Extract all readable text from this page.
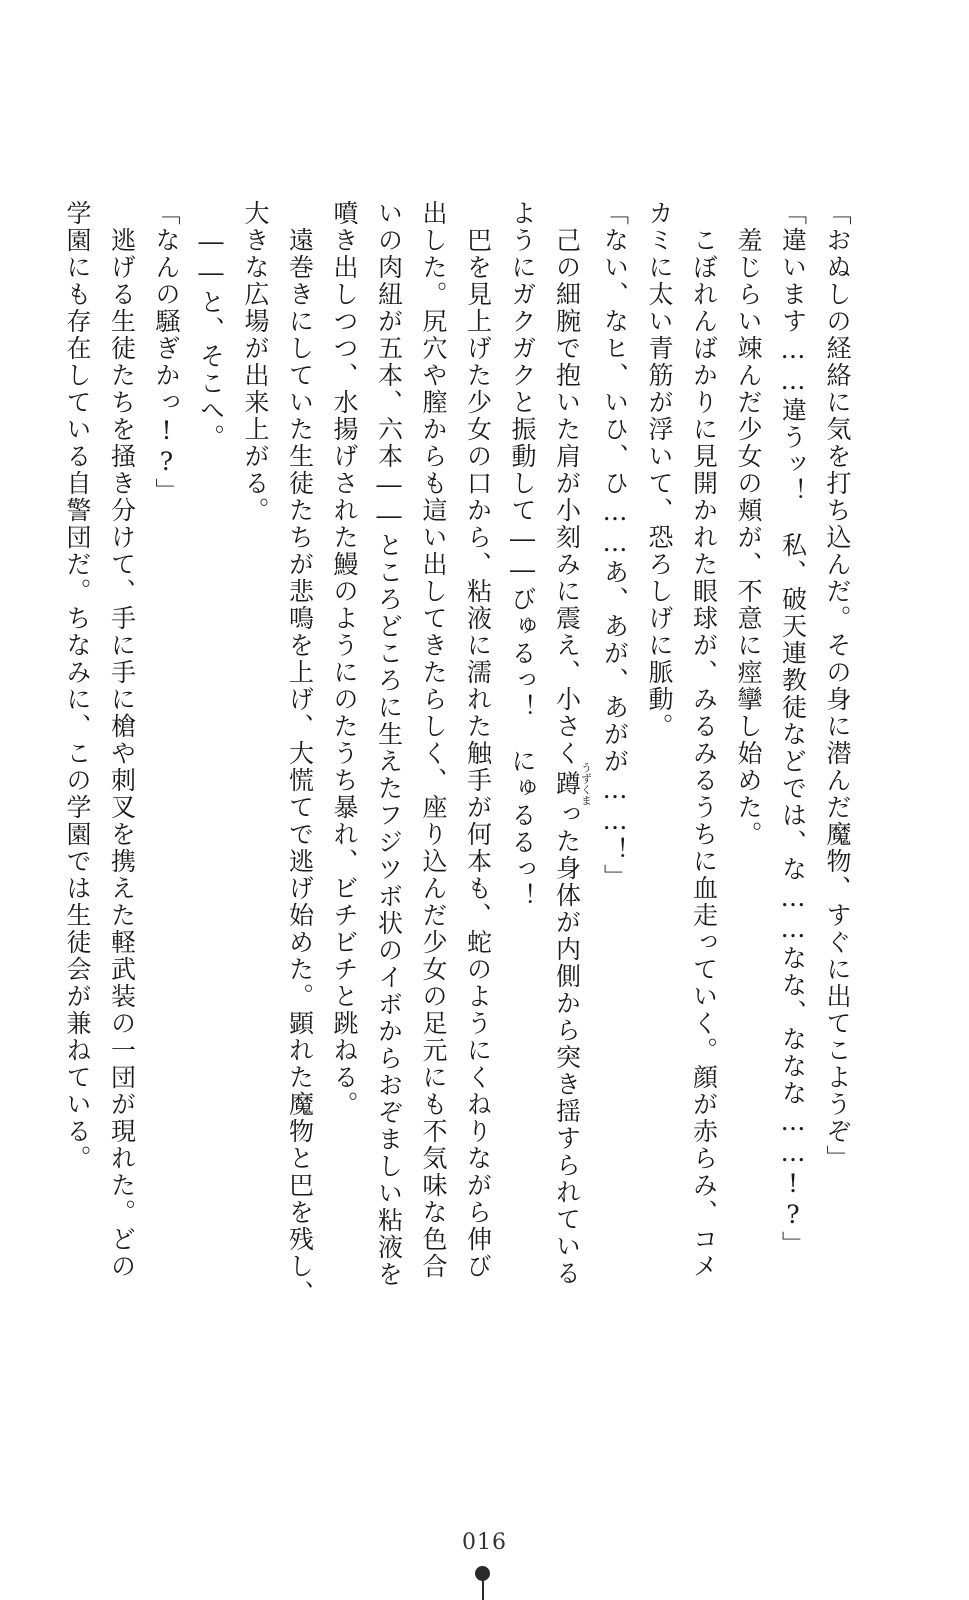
「おぬしの経絡に気を打ち込んだ。その身に潜んだ魔物、すぐに出てこようぞ」
「違います……違うッ！　私、破天連教徒などでは、な……なな、ななな……!?」
　羞じらい竦んだ少女の頬が、不意に痙攣し始めた。
　こぼれんばかりに見開かれた眼球が、みるみるうちに血走っていく。顔が赤らみ、コメ
カミに太い青筋が浮いて、恐ろしげに脈動。
「ない、なヒ、いひ、ひ……あ、あが、あがが……！」
　己の細腕で抱いた肩が小刻みに震え、小さく蹲うずくまった身体が内側から突き揺すられている
ようにガクガクと振動して――びゅるっ！　にゅるるっ！
　巴を見上げた少女の口から、粘液に濡れた触手が何本も、蛇のようにくねりながら伸び
出した。尻穴や膣からも這い出してきたらしく、座り込んだ少女の足元にも不気味な色合
いの肉紐が五本、六本――ところどころに生えたフジツボ状のイボからおぞましい粘液を
噴き出しつつ、水揚げされた鰻のようにのたうち暴れ、ビチビチと跳ねる。
　遠巻きにしていた生徒たちが悲鳴を上げ、大慌てで逃げ始めた。顕れた魔物と巴を残し、
大きな広場が出来上がる。
　――と、そこへ。
「なんの騒ぎかっ!?」
　逃げる生徒たちを掻き分けて、手に手に槍や刺叉を携えた軽武装の一団が現れた。どの
学園にも存在している自警団だ。ちなみに、この学園では生徒会が兼ねている。
016
